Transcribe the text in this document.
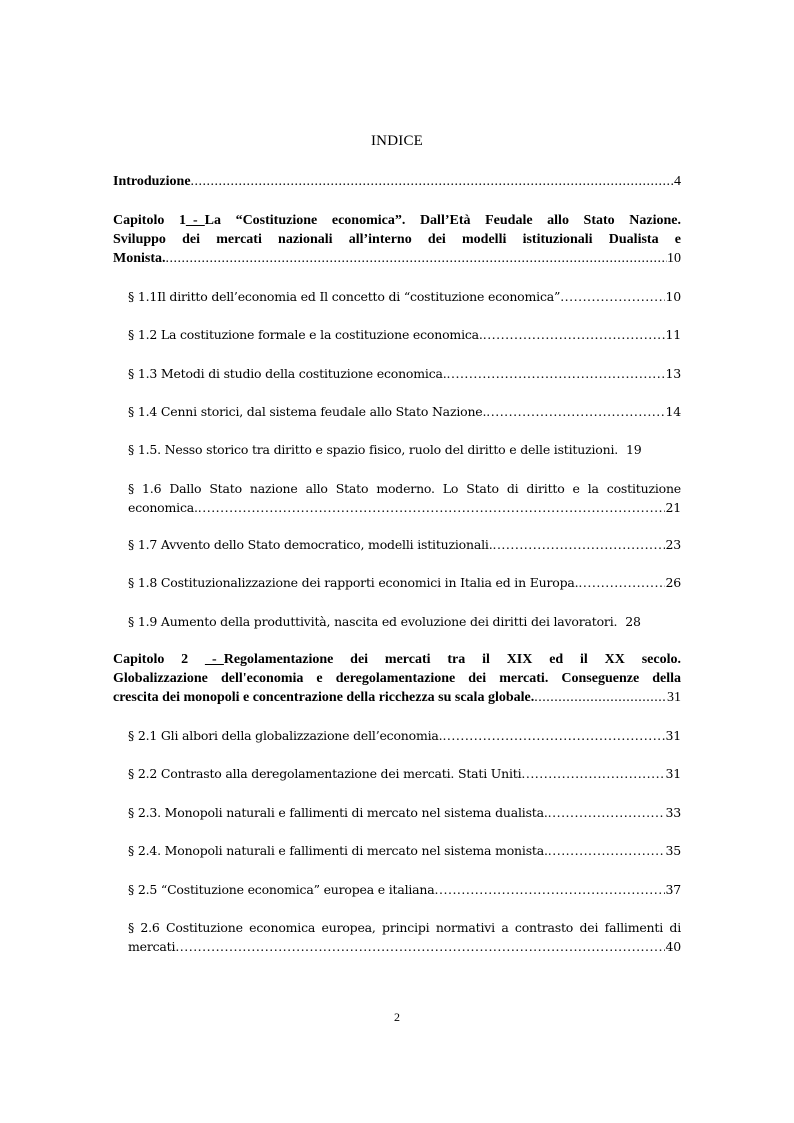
INDICE
Introduzione .....	4
Capitolo 1_-_La “Costituzione economica”. Dall’Età Feudale allo Stato Nazione.
Sviluppo dei mercati nazionali all’interno dei modelli istituzionali Dualista e
Monista. .....	10
§ 1.1Il diritto dell’economia ed Il concetto di “costituzione economica” .....	10
§ 1.2 La costituzione formale e la costituzione economica. .....	11
§ 1.3 Metodi di studio della costituzione economica. .....	13
§ 1.4 Cenni storici, dal sistema feudale allo Stato Nazione. .....	14
§ 1.5. Nesso storico tra diritto e spazio fisico, ruolo del diritto e delle istituzioni. 19
§ 1.6 Dallo Stato nazione allo Stato moderno. Lo Stato di diritto e la costituzione
economica. .....	21
§ 1.7 Avvento dello Stato democratico, modelli istituzionali. .....	23
§ 1.8 Costituzionalizzazione dei rapporti economici in Italia ed in Europa. .....	26
§ 1.9 Aumento della produttività, nascita ed evoluzione dei diritti dei lavoratori. 28
Capitolo 2 _-_Regolamentazione dei mercati tra il XIX ed il XX secolo.
Globalizzazione dell'economia e deregolamentazione dei mercati. Conseguenze della
crescita dei monopoli e concentrazione della ricchezza su scala globale. .....	31
§ 2.1 Gli albori della globalizzazione dell’economia. .....	31
§ 2.2 Contrasto alla deregolamentazione dei mercati. Stati Uniti .....	31
§ 2.3. Monopoli naturali e fallimenti di mercato nel sistema dualista. .....	33
§ 2.4. Monopoli naturali e fallimenti di mercato nel sistema monista. .....	35
§ 2.5 “Costituzione economica” europea e italiana .....	37
§ 2.6 Costituzione economica europea, principi normativi a contrasto dei fallimenti di
mercati .....	40
2
